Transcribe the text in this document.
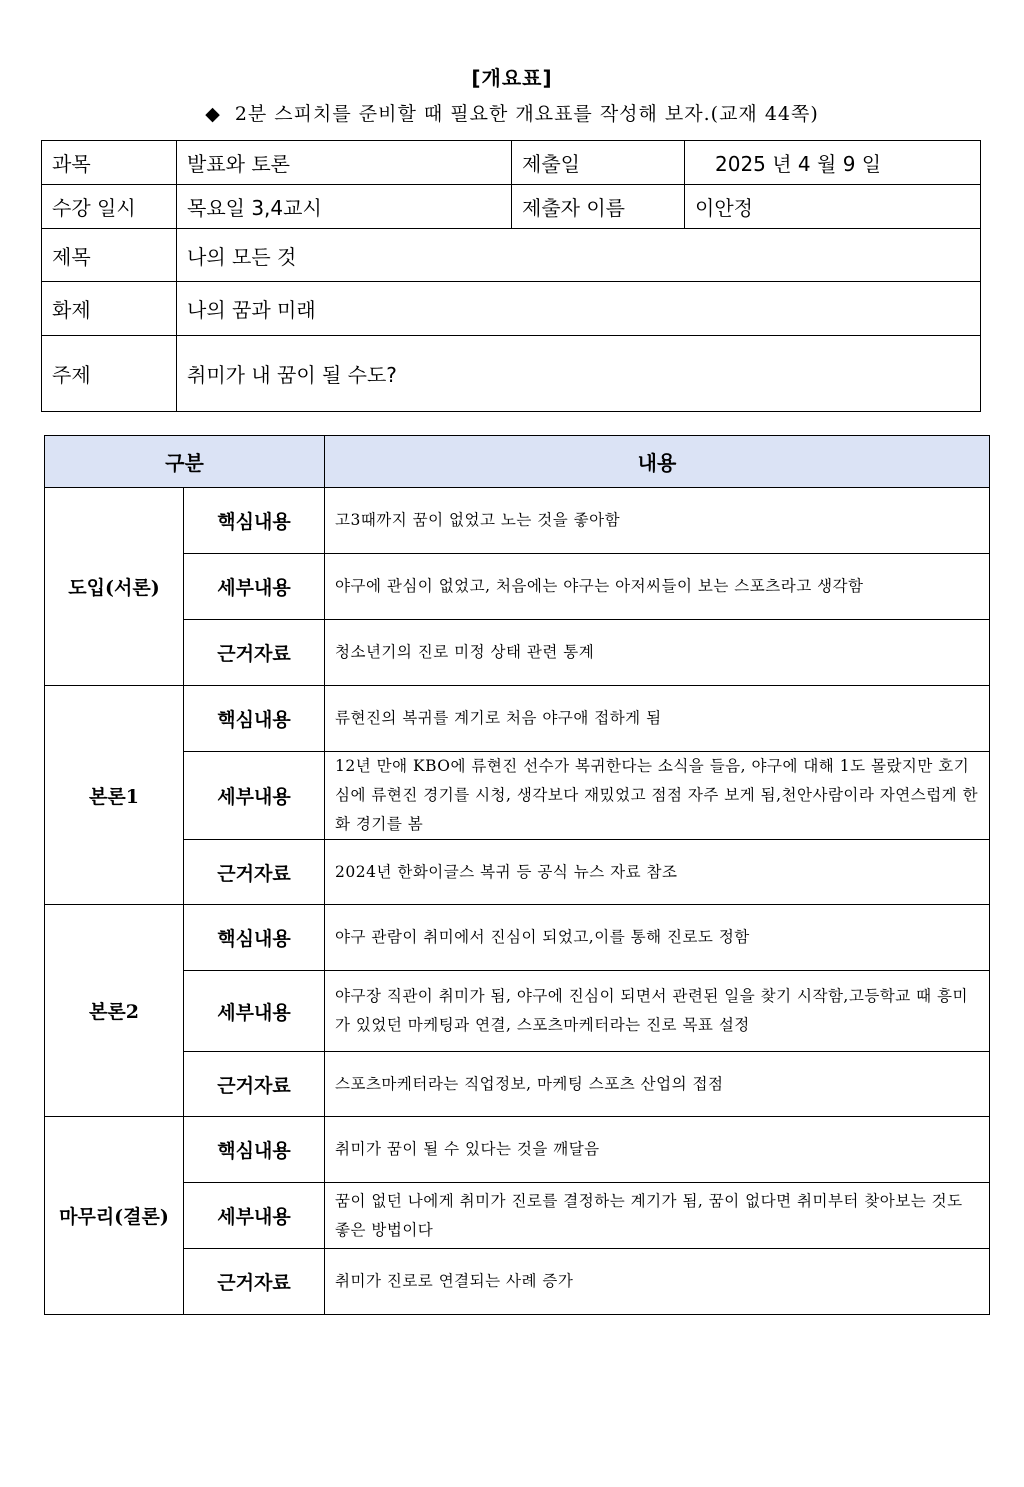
[개요표]
◆ 2분 스피치를 준비할 때 필요한 개요표를 작성해 보자.(교재 44쪽)
과목	발표와 토론	제출일	2025 년 4 월 9 일
수강 일시	목요일 3,4교시	제출자 이름	이안정
제목	나의 모든 것		
화제	나의 꿈과 미래		
주제	취미가 내 꿈이 될 수도?		
구분		내용
도입(서론)	핵심내용	고3때까지 꿈이 없었고 노는 것을 좋아함
	세부내용	야구에 관심이 없었고, 처음에는 야구는 아저씨들이 보는 스포츠라고 생각함
	근거자료	청소년기의 진로 미정 상태 관련 통계
본론1	핵심내용	류현진의 복귀를 계기로 처음 야구애 접하게 됨
	세부내용	12년 만애 KBO에 류현진 선수가 복귀한다는 소식을 들음, 야구에 대해 1도 몰랐지만 호기심에 류현진 경기를 시청, 생각보다 재밌었고 점점 자주 보게 됨,천안사람이라 자연스럽게 한화 경기를 봄
	근거자료	2024년 한화이글스 복귀 등 공식 뉴스 자료 참조
본론2	핵심내용	야구 관람이 취미에서 진심이 되었고,이를 통해 진로도 정함
	세부내용	야구장 직관이 취미가 됨, 야구에 진심이 되면서 관련된 일을 찾기 시작함,고등학교 때 흥미가 있었던 마케팅과 연결, 스포츠마케터라는 진로 목표 설정
	근거자료	스포츠마케터라는 직업정보, 마케팅 스포츠 산업의 접점
마무리(결론)	핵심내용	취미가 꿈이 될 수 있다는 것을 깨달음
	세부내용	꿈이 없던 나에게 취미가 진로를 결정하는 계기가 됨, 꿈이 없다면 취미부터 찾아보는 것도 좋은 방법이다
	근거자료	취미가 진로로 연결되는 사례 증가
